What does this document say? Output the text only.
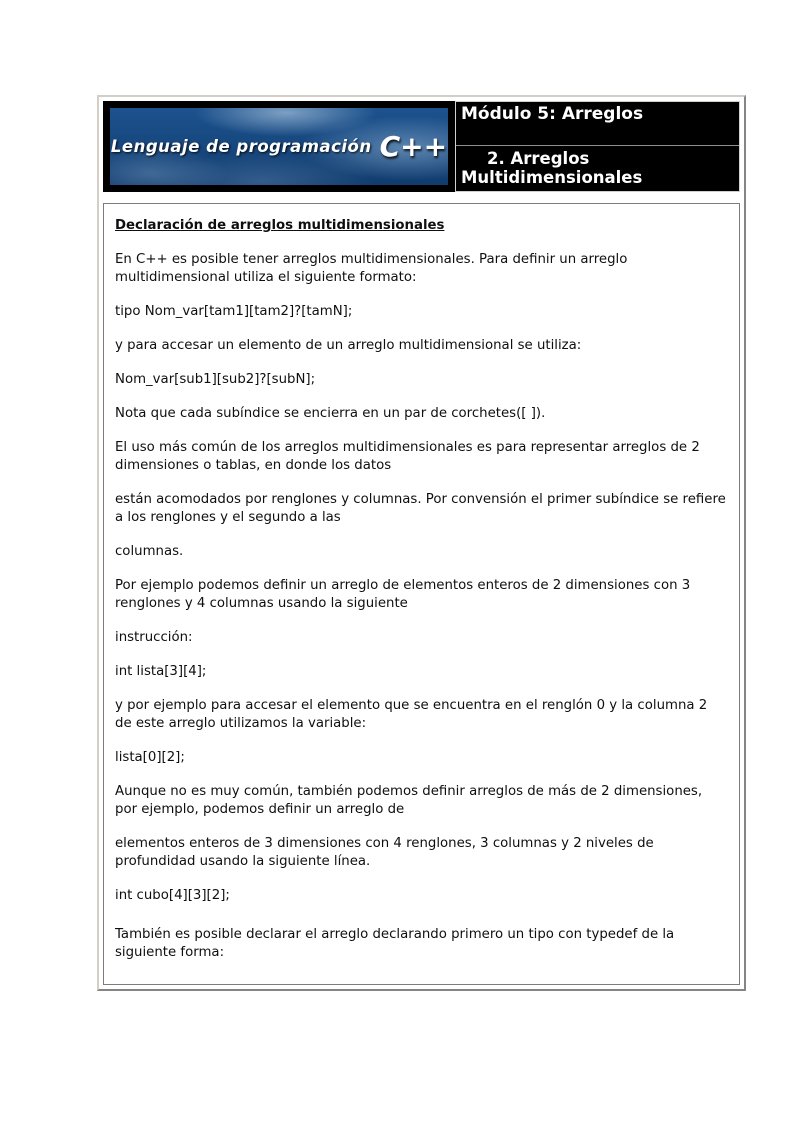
Lenguaje de programación C++
Módulo 5: Arreglos
2. Arreglos
Multidimensionales

Declaración de arreglos multidimensionales

En C++ es posible tener arreglos multidimensionales. Para definir un arreglo multidimensional utiliza el siguiente formato:

tipo Nom_var[tam1][tam2]?[tamN];

y para accesar un elemento de un arreglo multidimensional se utiliza:

Nom_var[sub1][sub2]?[subN];

Nota que cada subíndice se encierra en un par de corchetes([ ]).

El uso más común de los arreglos multidimensionales es para representar arreglos de 2 dimensiones o tablas, en donde los datos

están acomodados por renglones y columnas. Por convensión el primer subíndice se refiere a los renglones y el segundo a las

columnas.

Por ejemplo podemos definir un arreglo de elementos enteros de 2 dimensiones con 3 renglones y 4 columnas usando la siguiente

instrucción:

int lista[3][4];

y por ejemplo para accesar el elemento que se encuentra en el renglón 0 y la columna 2 de este arreglo utilizamos la variable:

lista[0][2];

Aunque no es muy común, también podemos definir arreglos de más de 2 dimensiones, por ejemplo, podemos definir un arreglo de

elementos enteros de 3 dimensiones con 4 renglones, 3 columnas y 2 niveles de profundidad usando la siguiente línea.

int cubo[4][3][2];

También es posible declarar el arreglo declarando primero un tipo con typedef de la siguiente forma:
